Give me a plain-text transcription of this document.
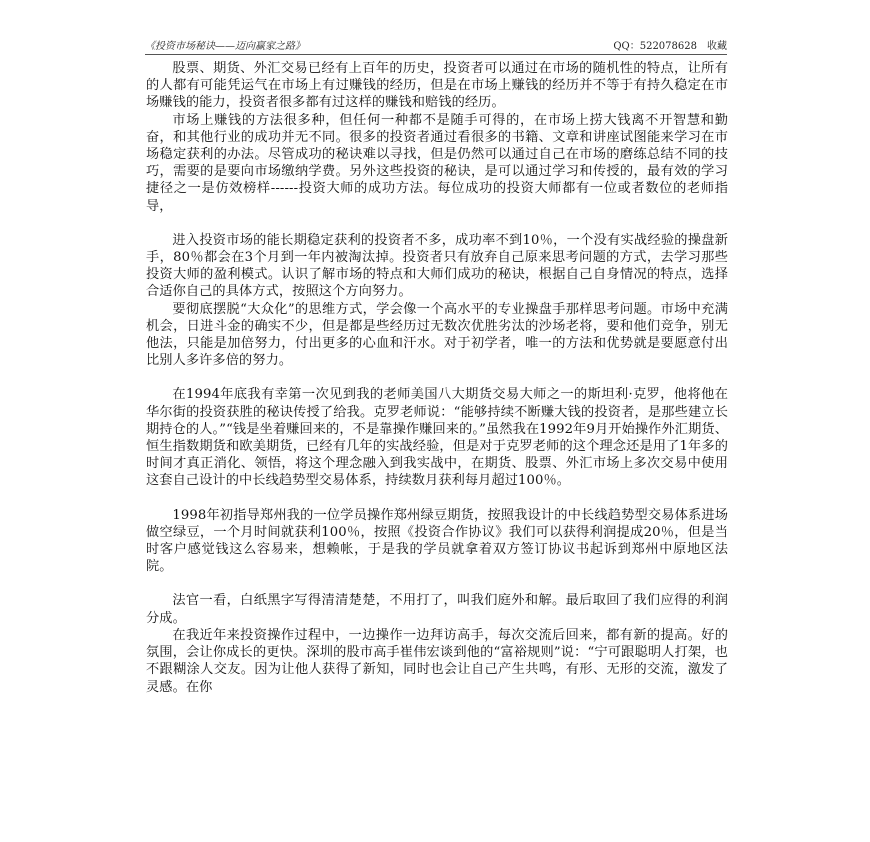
《投资市场秘诀——迈向赢家之路》	QQ：522078628　收藏

股票、期货、外汇交易已经有上百年的历史，投资者可以通过在市场的随机性的特点，让所有的人都有可能凭运气在市场上有过赚钱的经历，但是在市场上赚钱的经历并不等于有持久稳定在市场赚钱的能力，投资者很多都有过这样的赚钱和赔钱的经历。

市场上赚钱的方法很多种，但任何一种都不是随手可得的，在市场上捞大钱离不开智慧和勤奋，和其他行业的成功并无不同。很多的投资者通过看很多的书籍、文章和讲座试图能来学习在市场稳定获利的办法。尽管成功的秘诀难以寻找，但是仍然可以通过自己在市场的磨练总结不同的技巧，需要的是要向市场缴纳学费。另外这些投资的秘诀，是可以通过学习和传授的，最有效的学习捷径之一是仿效榜样------投资大师的成功方法。每位成功的投资大师都有一位或者数位的老师指导，

进入投资市场的能长期稳定获利的投资者不多，成功率不到10％，一个没有实战经验的操盘新手，80％都会在3个月到一年内被淘汰掉。投资者只有放弃自己原来思考问题的方式，去学习那些投资大师的盈利模式。认识了解市场的特点和大师们成功的秘诀，根据自己自身情况的特点，选择合适你自己的具体方式，按照这个方向努力。

要彻底摆脱“大众化”的思维方式，学会像一个高水平的专业操盘手那样思考问题。市场中充满机会，日进斗金的确实不少，但是都是些经历过无数次优胜劣汰的沙场老将，要和他们竞争，别无他法，只能是加倍努力，付出更多的心血和汗水。对于初学者，唯一的方法和优势就是要愿意付出比别人多许多倍的努力。

在1994年底我有幸第一次见到我的老师美国八大期货交易大师之一的斯坦利·克罗，他将他在华尔街的投资获胜的秘诀传授了给我。克罗老师说：“能够持续不断赚大钱的投资者，是那些建立长期持仓的人。”“钱是坐着赚回来的，不是靠操作赚回来的。”虽然我在1992年9月开始操作外汇期货、恒生指数期货和欧美期货，已经有几年的实战经验，但是对于克罗老师的这个理念还是用了1年多的时间才真正消化、领悟，将这个理念融入到我实战中，在期货、股票、外汇市场上多次交易中使用这套自己设计的中长线趋势型交易体系，持续数月获利每月超过100％。

1998年初指导郑州我的一位学员操作郑州绿豆期货，按照我设计的中长线趋势型交易体系进场做空绿豆，一个月时间就获利100％，按照《投资合作协议》我们可以获得利润提成20％，但是当时客户感觉钱这么容易来，想赖帐，于是我的学员就拿着双方签订协议书起诉到郑州中原地区法院。

法官一看，白纸黑字写得清清楚楚，不用打了，叫我们庭外和解。最后取回了我们应得的利润分成。

在我近年来投资操作过程中，一边操作一边拜访高手，每次交流后回来，都有新的提高。好的氛围，会让你成长的更快。深圳的股市高手崔伟宏谈到他的“富裕规则”说：“宁可跟聪明人打架，也不跟糊涂人交友。因为让他人获得了新知，同时也会让自己产生共鸣，有形、无形的交流，激发了灵感。在你
